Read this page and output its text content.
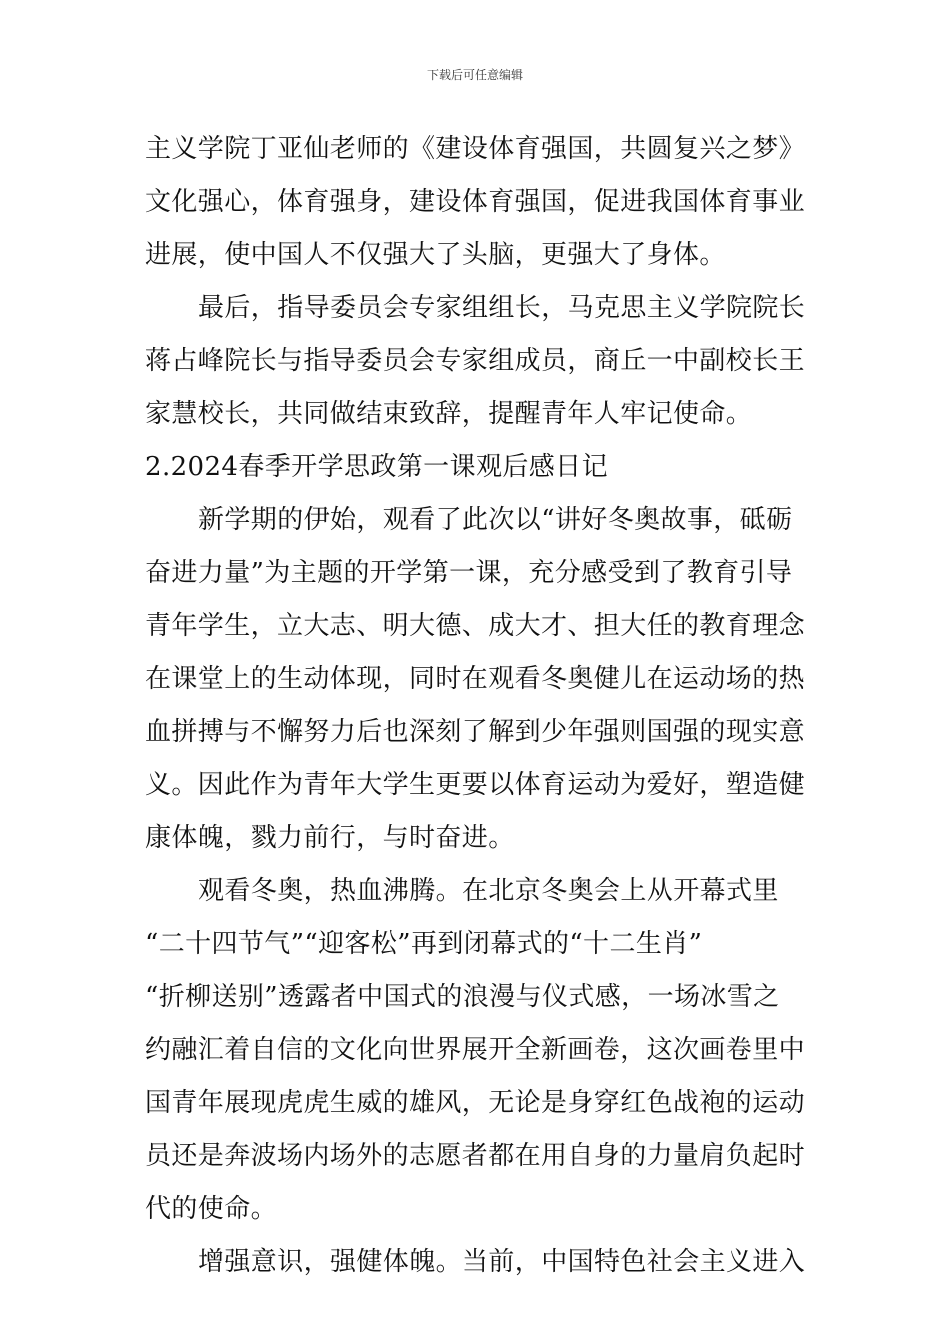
下载后可任意编辑
主义学院丁亚仙老师的《建设体育强国，共圆复兴之梦》
文化强心，体育强身，建设体育强国，促进我国体育事业
进展，使中国人不仅强大了头脑，更强大了身体。
最后，指导委员会专家组组长，马克思主义学院院长
蒋占峰院长与指导委员会专家组成员，商丘一中副校长王
家慧校长，共同做结束致辞，提醒青年人牢记使命。
2.2024春季开学思政第一课观后感日记
新学期的伊始，观看了此次以“讲好冬奥故事，砥砺
奋进力量”为主题的开学第一课，充分感受到了教育引导
青年学生，立大志、明大德、成大才、担大任的教育理念
在课堂上的生动体现，同时在观看冬奥健儿在运动场的热
血拼搏与不懈努力后也深刻了解到少年强则国强的现实意
义。因此作为青年大学生更要以体育运动为爱好，塑造健
康体魄，戮力前行，与时奋进。
观看冬奥，热血沸腾。在北京冬奥会上从开幕式里
“二十四节气”“迎客松”再到闭幕式的“十二生肖”
“折柳送别”透露者中国式的浪漫与仪式感，一场冰雪之
约融汇着自信的文化向世界展开全新画卷，这次画卷里中
国青年展现虎虎生威的雄风，无论是身穿红色战袍的运动
员还是奔波场内场外的志愿者都在用自身的力量肩负起时
代的使命。
增强意识，强健体魄。当前，中国特色社会主义进入
